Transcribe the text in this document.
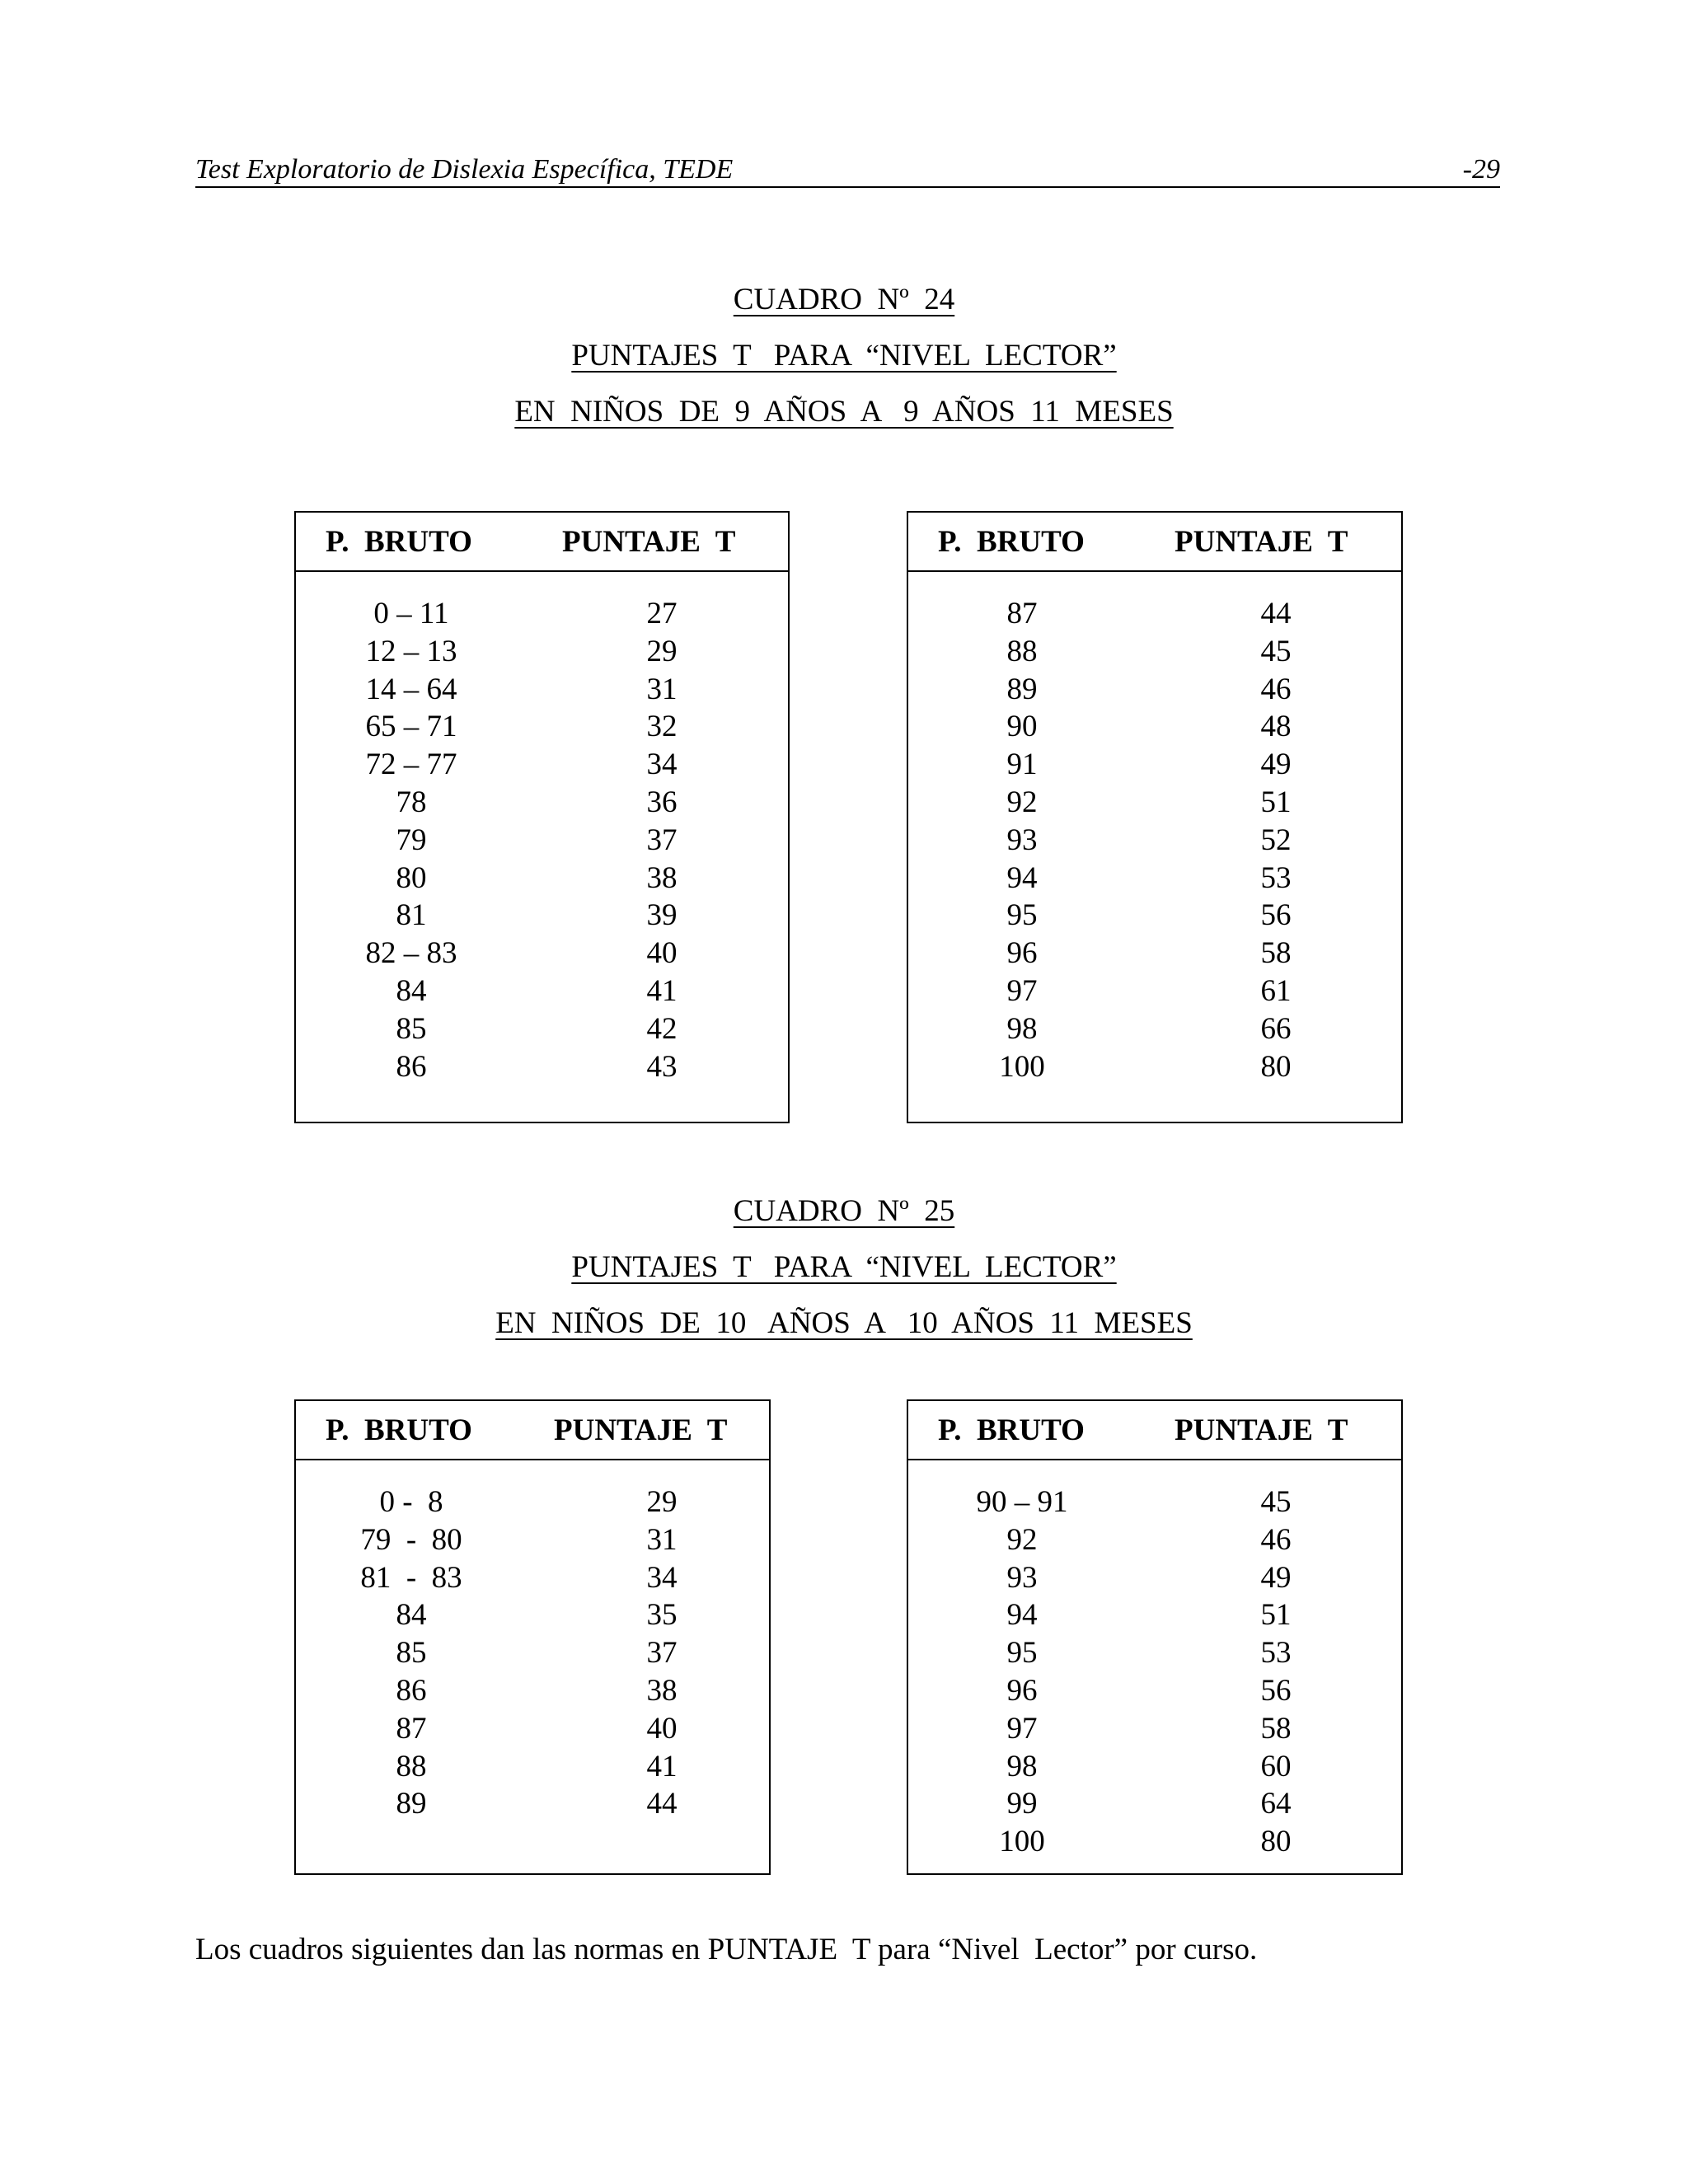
Test Exploratorio de Dislexia Específica, TEDE	-29
CUADRO  Nº  24
PUNTAJES  T   PARA  “NIVEL  LECTOR”
EN  NIÑOS  DE  9  AÑOS  A   9  AÑOS  11  MESES
P.  BRUTO	PUNTAJE  T
0 – 11	27
12 – 13	29
14 – 64	31
65 – 71	32
72 – 77	34
78	36
79	37
80	38
81	39
82 – 83	40
84	41
85	42
86	43
P.  BRUTO	PUNTAJE  T
87	44
88	45
89	46
90	48
91	49
92	51
93	52
94	53
95	56
96	58
97	61
98	66
100	80
CUADRO  Nº  25
PUNTAJES  T   PARA  “NIVEL  LECTOR”
EN  NIÑOS  DE  10   AÑOS  A   10  AÑOS  11  MESES
P.  BRUTO	PUNTAJE  T
0 -  8	29
79  -  80	31
81  -  83	34
84	35
85	37
86	38
87	40
88	41
89	44
P.  BRUTO	PUNTAJE  T
90 – 91	45
92	46
93	49
94	51
95	53
96	56
97	58
98	60
99	64
100	80
Los cuadros siguientes dan las normas en PUNTAJE  T para “Nivel  Lector” por curso.
